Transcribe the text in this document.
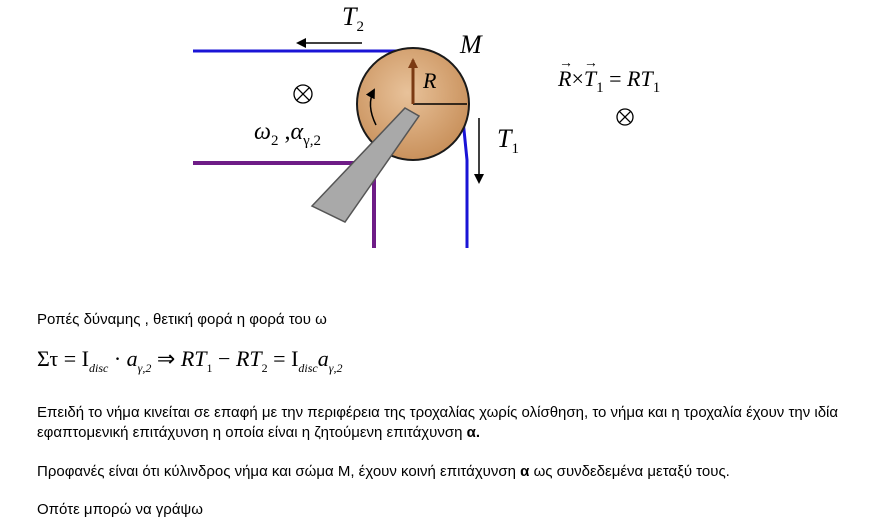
$T_2$
M
R
$T_1$
$\omega_2$ $,\alpha_{\gamma,2}$
→
R×
→
$T_1 = RT_1$
Ροπές δύναμης , θετική φορά η φορά του ω
$\Sigma\tau = I_{disc} \cdot a_{\gamma,2}$ ⇒ $RT_1 - RT_2 = I_{disc}a_{\gamma,2}$
Επειδή το νήμα κινείται σε επαφή με την περιφέρεια της τροχαλίας χωρίς ολίσθηση, το νήμα και η τροχαλία έχουν την ιδία εφαπτομενική επιτάχυνση η οποία είναι η ζητούμενη επιτάχυνση α.
Προφανές είναι ότι κύλινδρος νήμα και σώμα Μ, έχουν κοινή επιτάχυνση α ως συνδεδεμένα μεταξύ τους.
Οπότε μπορώ να γράψω
